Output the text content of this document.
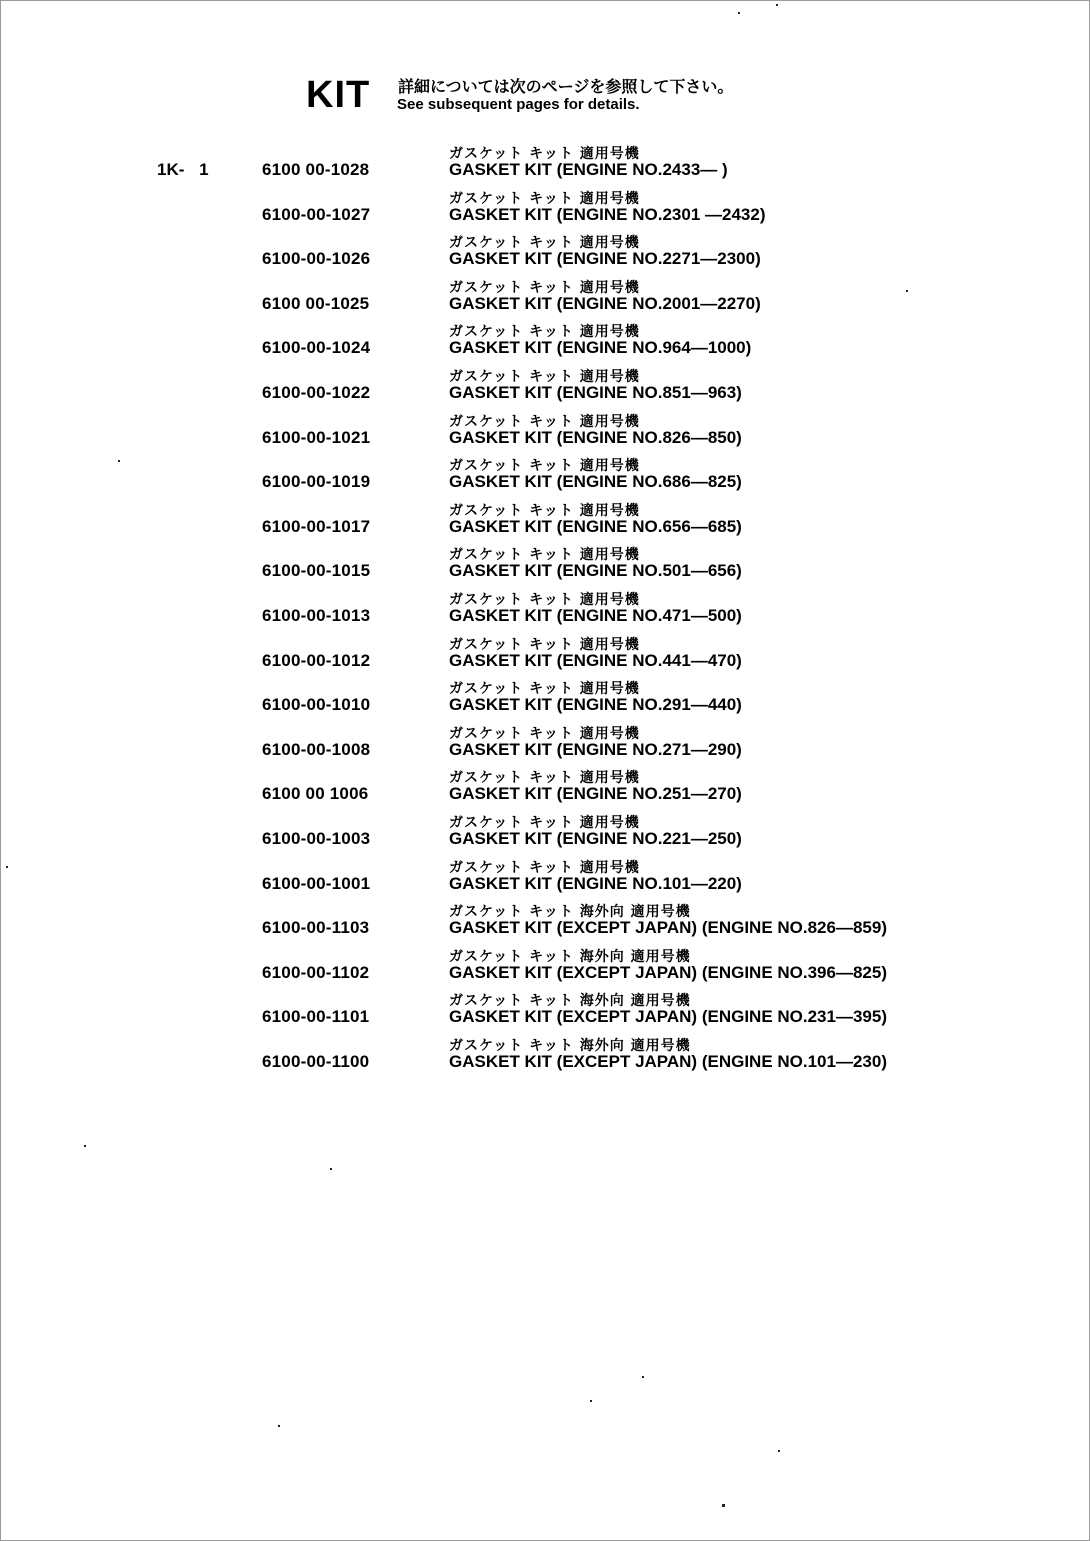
KIT 詳細については次のページを参照して下さい。
See subsequent pages for details.
1K- 1
ガスケット キット 適用号機
6100 00-1028	GASKET KIT (ENGINE NO.2433— )
ガスケット キット 適用号機
6100-00-1027	GASKET KIT (ENGINE NO.2301 —2432)
ガスケット キット 適用号機
6100-00-1026	GASKET KIT (ENGINE NO.2271—2300)
ガスケット キット 適用号機
6100 00-1025	GASKET KIT (ENGINE NO.2001—2270)
ガスケット キット 適用号機
6100-00-1024	GASKET KIT (ENGINE NO.964—1000)
ガスケット キット 適用号機
6100-00-1022	GASKET KIT (ENGINE NO.851—963)
ガスケット キット 適用号機
6100-00-1021	GASKET KIT (ENGINE NO.826—850)
ガスケット キット 適用号機
6100-00-1019	GASKET KIT (ENGINE NO.686—825)
ガスケット キット 適用号機
6100-00-1017	GASKET KIT (ENGINE NO.656—685)
ガスケット キット 適用号機
6100-00-1015	GASKET KIT (ENGINE NO.501—656)
ガスケット キット 適用号機
6100-00-1013	GASKET KIT (ENGINE NO.471—500)
ガスケット キット 適用号機
6100-00-1012	GASKET KIT (ENGINE NO.441—470)
ガスケット キット 適用号機
6100-00-1010	GASKET KIT (ENGINE NO.291—440)
ガスケット キット 適用号機
6100-00-1008	GASKET KIT (ENGINE NO.271—290)
ガスケット キット 適用号機
6100 00 1006	GASKET KIT (ENGINE NO.251—270)
ガスケット キット 適用号機
6100-00-1003	GASKET KIT (ENGINE NO.221—250)
ガスケット キット 適用号機
6100-00-1001	GASKET KIT (ENGINE NO.101—220)
ガスケット キット 海外向 適用号機
6100-00-1103	GASKET KIT (EXCEPT JAPAN) (ENGINE NO.826—859)
ガスケット キット 海外向 適用号機
6100-00-1102	GASKET KIT (EXCEPT JAPAN) (ENGINE NO.396—825)
ガスケット キット 海外向 適用号機
6100-00-1101	GASKET KIT (EXCEPT JAPAN) (ENGINE NO.231—395)
ガスケット キット 海外向 適用号機
6100-00-1100	GASKET KIT (EXCEPT JAPAN) (ENGINE NO.101—230)
